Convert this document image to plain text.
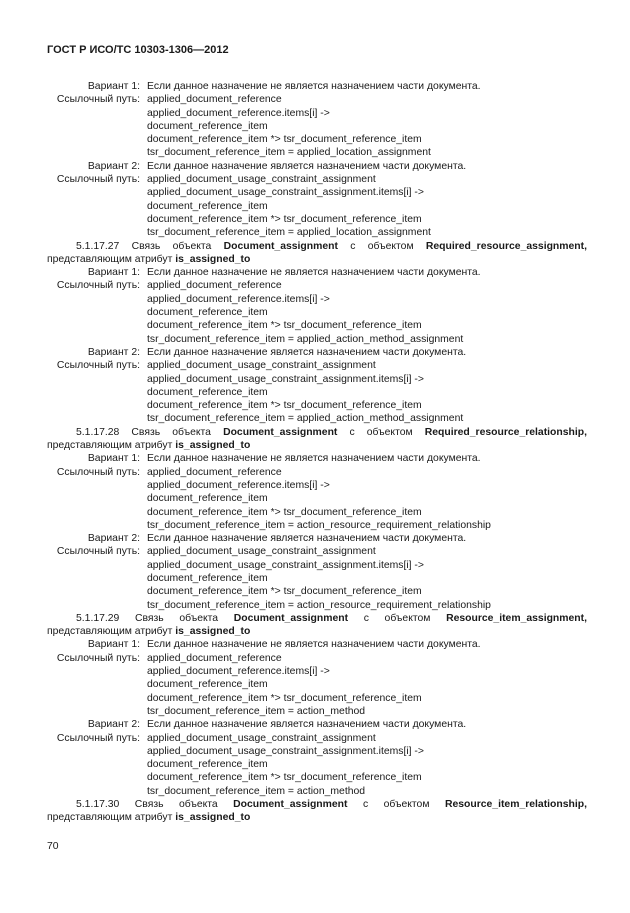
ГОСТ Р ИСО/ТС 10303-1306—2012
Вариант 1: Если данное назначение не является назначением части документа.
Ссылочный путь: applied_document_reference
applied_document_reference.items[i] ->
document_reference_item
document_reference_item *> tsr_document_reference_item
tsr_document_reference_item = applied_location_assignment
Вариант 2: Если данное назначение является назначением части документа.
Ссылочный путь: applied_document_usage_constraint_assignment
applied_document_usage_constraint_assignment.items[i] ->
document_reference_item
document_reference_item *> tsr_document_reference_item
tsr_document_reference_item = applied_location_assignment
5.1.17.27 Связь объекта Document_assignment с объектом Required_resource_assignment, представляющим атрибут is_assigned_to
Вариант 1: Если данное назначение не является назначением части документа.
Ссылочный путь: applied_document_reference
applied_document_reference.items[i] ->
document_reference_item
document_reference_item *> tsr_document_reference_item
tsr_document_reference_item = applied_action_method_assignment
Вариант 2: Если данное назначение является назначением части документа.
Ссылочный путь: applied_document_usage_constraint_assignment
applied_document_usage_constraint_assignment.items[i] ->
document_reference_item
document_reference_item *> tsr_document_reference_item
tsr_document_reference_item = applied_action_method_assignment
5.1.17.28 Связь объекта Document_assignment с объектом Required_resource_relationship, представляющим атрибут is_assigned_to
Вариант 1: Если данное назначение не является назначением части документа.
Ссылочный путь: applied_document_reference
applied_document_reference.items[i] ->
document_reference_item
document_reference_item *> tsr_document_reference_item
tsr_document_reference_item = action_resource_requirement_relationship
Вариант 2: Если данное назначение является назначением части документа.
Ссылочный путь: applied_document_usage_constraint_assignment
applied_document_usage_constraint_assignment.items[i] ->
document_reference_item
document_reference_item *> tsr_document_reference_item
tsr_document_reference_item = action_resource_requirement_relationship
5.1.17.29 Связь объекта Document_assignment с объектом Resource_item_assignment, представляющим атрибут is_assigned_to
Вариант 1: Если данное назначение не является назначением части документа.
Ссылочный путь: applied_document_reference
applied_document_reference.items[i] ->
document_reference_item
document_reference_item *> tsr_document_reference_item
tsr_document_reference_item = action_method
Вариант 2: Если данное назначение является назначением части документа.
Ссылочный путь: applied_document_usage_constraint_assignment
applied_document_usage_constraint_assignment.items[i] ->
document_reference_item
document_reference_item *> tsr_document_reference_item
tsr_document_reference_item = action_method
5.1.17.30 Связь объекта Document_assignment с объектом Resource_item_relationship, представляющим атрибут is_assigned_to
70
